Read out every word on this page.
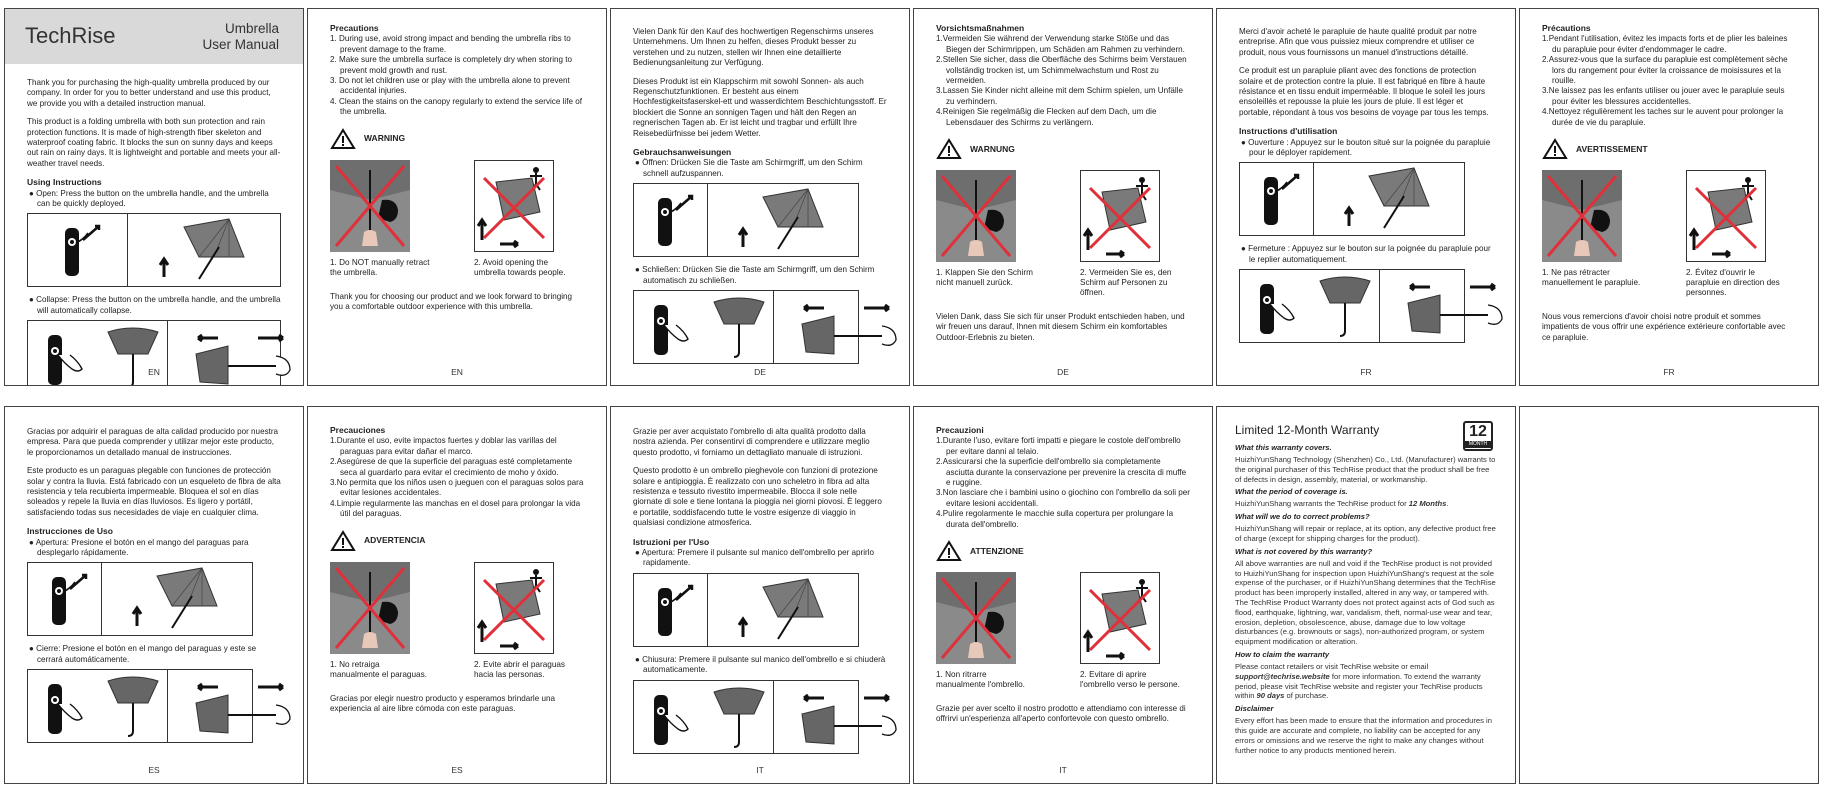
TechRise	Umbrella
User Manual

Thank you for purchasing the high-quality umbrella produced by our company. In order for you to better understand and use this product, we provide you with a detailed instruction manual.

This product is a folding umbrella with both sun protection and rain protection functions. It is made of high-strength fiber skeleton and waterproof coating fabric. It blocks the sun on sunny days and keeps out rain on rainy days. It is lightweight and portable and meets your all-weather travel needs.

Using Instructions

● Open: Press the button on the umbrella handle, and the umbrella can be quickly deployed.

● Collapse: Press the button on the umbrella handle, and the umbrella will automatically collapse.

EN
Precautions
1. During use, avoid strong impact and bending the umbrella ribs to prevent damage to the frame.
2. Make sure the umbrella surface is completely dry when storing to prevent mold growth and rust.
3. Do not let children use or play with the umbrella alone to prevent accidental injuries.
4. Clean the stains on the canopy regularly to extend the service life of the umbrella.
WARNING
1. Do NOT manually retract the umbrella.
2. Avoid opening the umbrella towards people.

Thank you for choosing our product and we look forward to bringing you a comfortable outdoor experience with this umbrella.

EN

Vielen Dank für den Kauf des hochwertigen Regenschirms unseres Unternehmens. Um Ihnen zu helfen, dieses Produkt besser zu verstehen und zu nutzen, stellen wir Ihnen eine detaillierte Bedienungsanleitung zur Verfügung.

Dieses Produkt ist ein Klappschirm mit sowohl Sonnen- als auch Regenschutzfunktionen. Er besteht aus einem Hochfestigkeitsfaserskel-ett und wasserdichtem Beschichtungsstoff. Er blockiert die Sonne an sonnigen Tagen und hält den Regen an regnerischen Tagen ab. Er ist leicht und tragbar und erfüllt Ihre Reisebedürfnisse bei jedem Wetter.

Gebrauchsanweisungen

● Öffnen: Drücken Sie die Taste am Schirmgriff, um den Schirm schnell aufzuspannen.

● Schließen: Drücken Sie die Taste am Schirmgriff, um den Schirm automatisch zu schließen.

DE
Vorsichtsmaßnahmen
1.Vermeiden Sie während der Verwendung starke Stöße und das Biegen der Schirmrippen, um Schäden am Rahmen zu verhindern.
2.Stellen Sie sicher, dass die Oberfläche des Schirms beim Verstauen vollständig trocken ist, um Schimmelwachstum und Rost zu vermeiden.
3.Lassen Sie Kinder nicht alleine mit dem Schirm spielen, um Unfälle zu verhindern.
4.Reinigen Sie regelmäßig die Flecken auf dem Dach, um die Lebensdauer des Schirms zu verlängern.
WARNUNG
1. Klappen Sie den Schirm nicht manuell zurück.
2. Vermeiden Sie es, den Schirm auf Personen zu öffnen.

Vielen Dank, dass Sie sich für unser Produkt entschieden haben, und wir freuen uns darauf, Ihnen mit diesem Schirm ein komfortables Outdoor-Erlebnis zu bieten.

DE

Merci d'avoir acheté le parapluie de haute qualité produit par notre entreprise. Afin que vous puissiez mieux comprendre et utiliser ce produit, nous vous fournissons un manuel d'instructions détaillé.

Ce produit est un parapluie pliant avec des fonctions de protection solaire et de protection contre la pluie. Il est fabriqué en fibre à haute résistance et en tissu enduit imperméable. Il bloque le soleil les jours ensoleillés et repousse la pluie les jours de pluie. Il est léger et portable, répondant à tous vos besoins de voyage par tous les temps.

Instructions d'utilisation

● Ouverture : Appuyez sur le bouton situé sur la poignée du parapluie pour le déployer rapidement.

● Fermeture : Appuyez sur le bouton sur la poignée du parapluie pour le replier automatiquement.

FR
Précautions
1.Pendant l'utilisation, évitez les impacts forts et de plier les baleines du parapluie pour éviter d'endommager le cadre.
2.Assurez-vous que la surface du parapluie est complètement sèche lors du rangement pour éviter la croissance de moisissures et la rouille.
3.Ne laissez pas les enfants utiliser ou jouer avec le parapluie seuls pour éviter les blessures accidentelles.
4.Nettoyez régulièrement les taches sur le auvent pour prolonger la durée de vie du parapluie.
AVERTISSEMENT
1. Ne pas rétracter manuellement le parapluie.
2. Évitez d'ouvrir le parapluie en direction des personnes.

Nous vous remercions d'avoir choisi notre produit et sommes impatients de vous offrir une expérience extérieure confortable avec ce parapluie.

FR

Gracias por adquirir el paraguas de alta calidad producido por nuestra empresa. Para que pueda comprender y utilizar mejor este producto, le proporcionamos un detallado manual de instrucciones.

Este producto es un paraguas plegable con funciones de protección solar y contra la lluvia. Está fabricado con un esqueleto de fibra de alta resistencia y tela recubierta impermeable. Bloquea el sol en días soleados y repele la lluvia en días lluviosos. Es ligero y portátil, satisfaciendo todas sus necesidades de viaje en cualquier clima.

Instrucciones de Uso

● Apertura: Presione el botón en el mango del paraguas para desplegarlo rápidamente.

● Cierre: Presione el botón en el mango del paraguas y este se cerrará automáticamente.

ES
Precauciones
1.Durante el uso, evite impactos fuertes y doblar las varillas del paraguas para evitar dañar el marco.
2.Asegúrese de que la superficie del paraguas esté completamente seca al guardarlo para evitar el crecimiento de moho y óxido.
3.No permita que los niños usen o jueguen con el paraguas solos para evitar lesiones accidentales.
4.Limpie regularmente las manchas en el dosel para prolongar la vida útil del paraguas.
ADVERTENCIA
1. No retraiga manualmente el paraguas.
2. Evite abrir el paraguas hacia las personas.

Gracias por elegir nuestro producto y esperamos brindarle una experiencia al aire libre cómoda con este paraguas.

ES

Grazie per aver acquistato l'ombrello di alta qualità prodotto dalla nostra azienda. Per consentirvi di comprendere e utilizzare meglio questo prodotto, vi forniamo un dettagliato manuale di istruzioni.

Questo prodotto è un ombrello pieghevole con funzioni di protezione solare e antipioggia. È realizzato con uno scheletro in fibra ad alta resistenza e tessuto rivestito impermeabile. Blocca il sole nelle giornate di sole e tiene lontana la pioggia nei giorni piovosi. È leggero e portatile, soddisfacendo tutte le vostre esigenze di viaggio in qualsiasi condizione atmosferica.

Istruzioni per l'Uso

● Apertura: Premere il pulsante sul manico dell'ombrello per aprirlo rapidamente.

● Chiusura: Premere il pulsante sul manico dell'ombrello e si chiuderà automaticamente.

IT
Precauzioni
1.Durante l'uso, evitare forti impatti e piegare le costole dell'ombrello per evitare danni al telaio.
2.Assicurarsi che la superficie dell'ombrello sia completamente asciutta durante la conservazione per prevenire la crescita di muffe e ruggine.
3.Non lasciare che i bambini usino o giochino con l'ombrello da soli per evitare lesioni accidentali.
4.Pulire regolarmente le macchie sulla copertura per prolungare la durata dell'ombrello.
ATTENZIONE
1. Non ritrarre manualmente l'ombrello.
2. Evitare di aprire l'ombrello verso le persone.

Grazie per aver scelto il nostro prodotto e attendiamo con interesse di offrirvi un'esperienza all'aperto confortevole con questo ombrello.

IT
12
MONTH
Limited 12-Month Warranty
What this warranty covers.
HuizhiYunShang Technology (Shenzhen) Co., Ltd. (Manufacturer) warrants to the original purchaser of this TechRise product that the product shall be free of defects in design, assembly, material, or workmanship.
What the period of coverage is.
HuizhiYunShang warrants the TechRise product for 12 Months.
What will we do to correct problems?
HuizhiYunShang will repair or replace, at its option, any defective product free of charge (except for shipping charges for the product).
What is not covered by this warranty?
All above warranties are null and void if the TechRise product is not provided to HuizhiYunShang for inspection upon HuizhiYunShang's request at the sole expense of the purchaser, or if HuizhiYunShang determines that the TechRise product has been improperly installed, altered in any way, or tampered with. The TechRise Product Warranty does not protect against acts of God such as flood, earthquake, lightning, war, vandalism, theft, normal-use wear and tear, erosion, depletion, obsolescence, abuse, damage due to low voltage disturbances (e.g. brownouts or sags), non-authorized program, or system equipment modification or alteration.
How to claim the warranty
Please contact retailers or visit TechRise website or email support@techrise.website for more information. To extend the warranty period, please visit TechRise website and register your TechRise products within 90 days of purchase.
Disclaimer
Every effort has been made to ensure that the information and procedures in this guide are accurate and complete, no liability can be accepted for any errors or omissions and we reserve the right to make any changes without further notice to any products mentioned herein.
